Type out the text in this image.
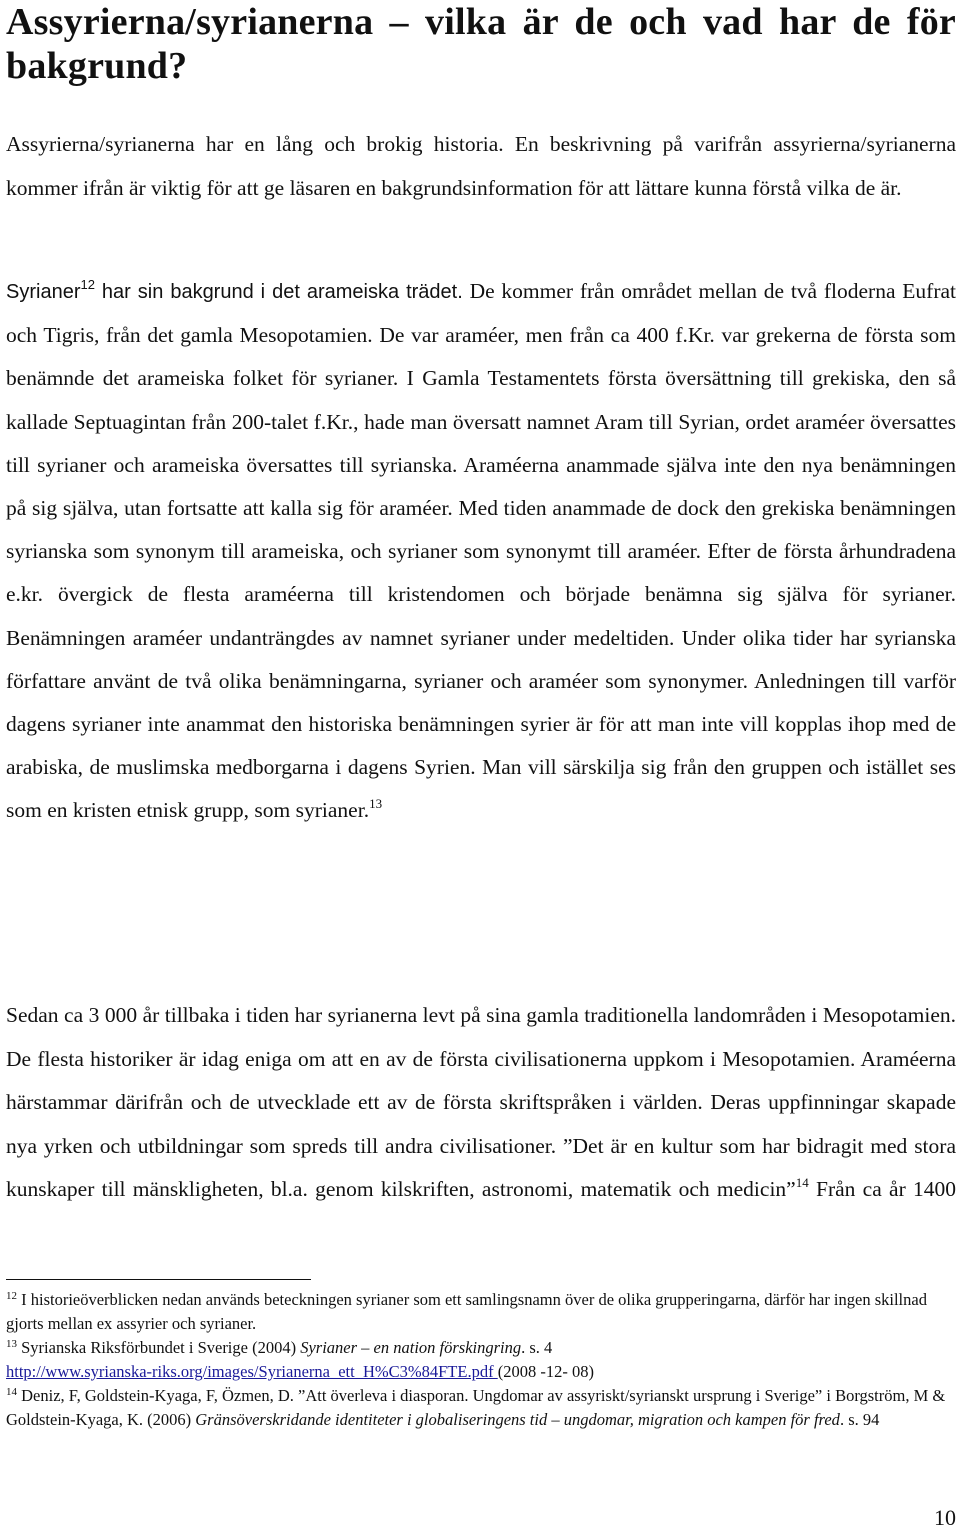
Assyrierna/syrianerna – vilka är de och vad har de för bakgrund?

Assyrierna/syrianerna har en lång och brokig historia. En beskrivning på varifrån assyrierna/syrianerna kommer ifrån är viktig för att ge läsaren en bakgrundsinformation för att lättare kunna förstå vilka de är.

Syrianer$^{12}$ har sin bakgrund i det arameiska trädet. De kommer från området mellan de två floderna Eufrat och Tigris, från det gamla Mesopotamien. De var araméer, men från ca 400 f.Kr. var grekerna de första som benämnde det arameiska folket för syrianer. I Gamla Testamentets första översättning till grekiska, den så kallade Septuagintan från 200-talet f.Kr., hade man översatt namnet Aram till Syrian, ordet araméer översattes till syrianer och arameiska översattes till syrianska. Araméerna anammade själva inte den nya benämningen på sig själva, utan fortsatte att kalla sig för araméer. Med tiden anammade de dock den grekiska benämningen syrianska som synonym till arameiska, och syrianer som synonymt till araméer. Efter de första århundradena e.kr. övergick de flesta araméerna till kristendomen och började benämna sig själva för syrianer. Benämningen araméer undanträngdes av namnet syrianer under medeltiden. Under olika tider har syrianska författare använt de två olika benämningarna, syrianer och araméer som synonymer. Anledningen till varför dagens syrianer inte anammat den historiska benämningen syrier är för att man inte vill kopplas ihop med de arabiska, de muslimska medborgarna i dagens Syrien. Man vill särskilja sig från den gruppen och istället ses som en kristen etnisk grupp, som syrianer.$^{13}$

Sedan ca 3 000 år tillbaka i tiden har syrianerna levt på sina gamla traditionella landområden i Mesopotamien. De flesta historiker är idag eniga om att en av de första civilisationerna uppkom i Mesopotamien. Araméerna härstammar därifrån och de utvecklade ett av de första skriftspråken i världen. Deras uppfinningar skapade nya yrken och utbildningar som spreds till andra civilisationer. ”Det är en kultur som har bidragit med stora kunskaper till mänskligheten, bl.a. genom kilskriften, astronomi, matematik och medicin”$^{14}$ Från ca år 1400

$^{12}$ I historieöverblicken nedan används beteckningen syrianer som ett samlingsnamn över de olika grupperingarna, därför har ingen skillnad gjorts mellan ex assyrier och syrianer.

$^{13}$ Syrianska Riksförbundet i Sverige (2004) Syrianer – en nation förskingring. s. 4
http://www.syrianska-riks.org/images/Syrianerna_ett_H%C3%84FTE.pdf (2008 -12- 08)

$^{14}$ Deniz, F, Goldstein-Kyaga, F, Özmen, D. ”Att överleva i diasporan. Ungdomar av assyriskt/syrianskt ursprung i Sverige” i Borgström, M & Goldstein-Kyaga, K. (2006) Gränsöverskridande identiteter i globaliseringens tid – ungdomar, migration och kampen för fred. s. 94

10
